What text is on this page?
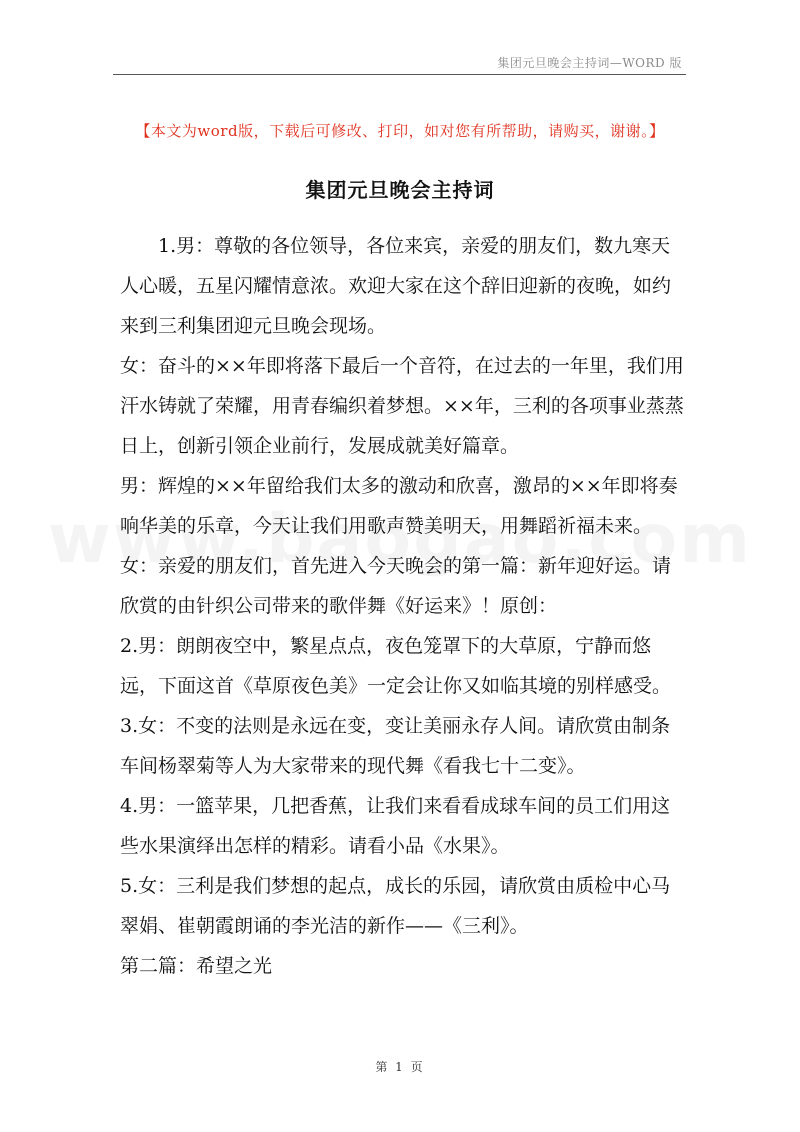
集团元旦晚会主持词—WORD 版
【本文为word版，下载后可修改、打印，如对您有所帮助，请购买，谢谢。】
集团元旦晚会主持词

1.男：尊敬的各位领导，各位来宾，亲爱的朋友们，数九寒天人心暖，五星闪耀情意浓。欢迎大家在这个辞旧迎新的夜晚，如约来到三利集团迎元旦晚会现场。

女：奋斗的××年即将落下最后一个音符，在过去的一年里，我们用汗水铸就了荣耀，用青春编织着梦想。××年，三利的各项事业蒸蒸日上，创新引领企业前行，发展成就美好篇章。

男：辉煌的××年留给我们太多的激动和欣喜，激昂的××年即将奏响华美的乐章，今天让我们用歌声赞美明天，用舞蹈祈福未来。

女：亲爱的朋友们，首先进入今天晚会的第一篇：新年迎好运。请欣赏的由针织公司带来的歌伴舞《好运来》！原创：

2.男：朗朗夜空中，繁星点点，夜色笼罩下的大草原，宁静而悠远，下面这首《草原夜色美》一定会让你又如临其境的别样感受。

3.女：不变的法则是永远在变，变让美丽永存人间。请欣赏由制条车间杨翠菊等人为大家带来的现代舞《看我七十二变》。

4.男：一篮苹果，几把香蕉，让我们来看看成球车间的员工们用这些水果演绎出怎样的精彩。请看小品《水果》。

5.女：三利是我们梦想的起点，成长的乐园，请欣赏由质检中心马翠娟、崔朝霞朗诵的李光洁的新作——《三利》。

第二篇：希望之光

第 1 页
